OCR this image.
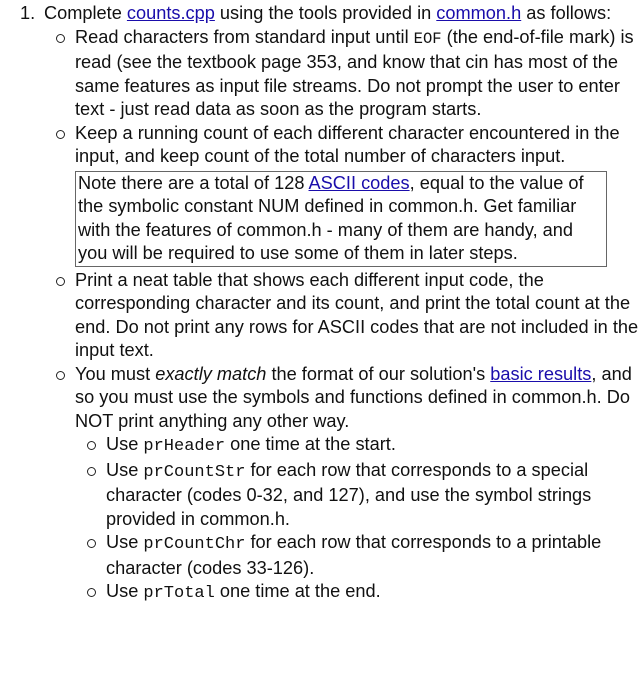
1. Complete counts.cpp using the tools provided in common.h as follows:
Read characters from standard input until EOF (the end-of-file mark) is read (see the textbook page 353, and know that cin has most of the same features as input file streams. Do not prompt the user to enter text - just read data as soon as the program starts.
Keep a running count of each different character encountered in the input, and keep count of the total number of characters input.
Note there are a total of 128 ASCII codes, equal to the value of the symbolic constant NUM defined in common.h. Get familiar with the features of common.h - many of them are handy, and you will be required to use some of them in later steps.
Print a neat table that shows each different input code, the corresponding character and its count, and print the total count at the end. Do not print any rows for ASCII codes that are not included in the input text.
You must exactly match the format of our solution's basic results, and so you must use the symbols and functions defined in common.h. Do NOT print anything any other way.
Use prHeader one time at the start.
Use prCountStr for each row that corresponds to a special character (codes 0-32, and 127), and use the symbol strings provided in common.h.
Use prCountChr for each row that corresponds to a printable character (codes 33-126).
Use prTotal one time at the end.
